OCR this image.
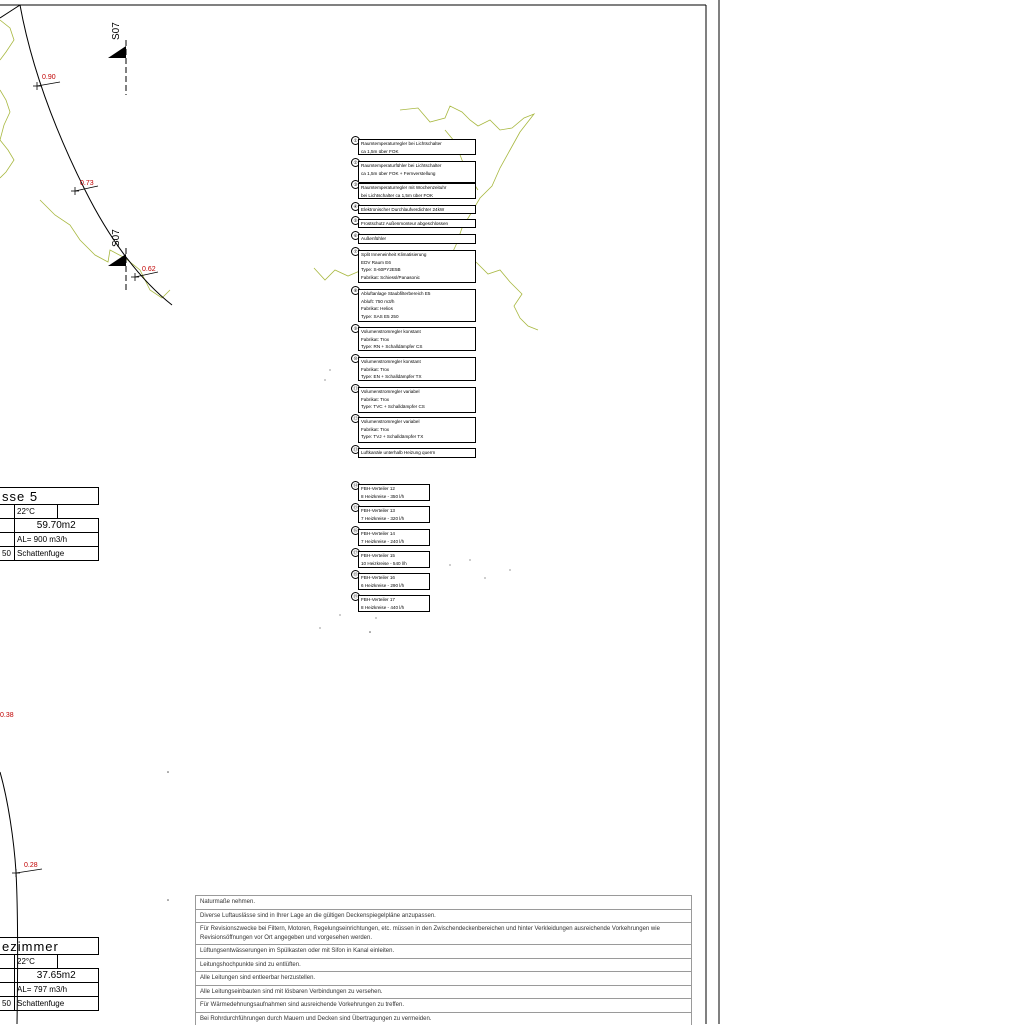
0.90
0.73
0.62
0.38
0.28
S07
S07
①
Raumtemperaturregler bei Lichtschalter
ca 1,5m über FOK
②
Raumtemperaturfühler bei Lichtschalter
ca 1,5m über FOK + Fernverstellung
③
Raumtemperaturregler mit Wochenzeituhr
bei Lichtschalter ca 1,5m über FOK
④
Elektronischer Durchlaufverdichter 24kW
⑤
Frostschutz Außenmonteur abgeschlossen
⑥
Außenfühler
⑦
Split Inneneinheit Klimatisierung
EDV Raum E6
Type: S-60PY2E5B
Fabrikat: Schiessl/Panasonic
⑧
Abluftanlage Staubfilterbereich E5
Abluft: 750 m3/h
Fabrikat: Helios
Type: SAS E5 250
⑨
Volumenstromregler konstant
Fabrikat: Trox
Type: RN + Schalldämpfer CS
⑩
Volumenstromregler konstant
Fabrikat: Trox
Type: EN + Schalldämpfer TX
⑪
Volumenstromregler variabel
Fabrikat: Trox
Type: TVC + Schalldämpfer CS
⑫
Volumenstromregler variabel
Fabrikat: Trox
Type: TVJ + Schalldämpfer TX
⑬
Luftkanäle unterhalb Heizung querrn
⑭
FBH-Verteiler 12
8 Heizkreise - 350 l/h
⑮
FBH-Verteiler 13
7 Heizkreise - 320 l/h
⑯
FBH-Verteiler 14
7 Heizkreise - 240 l/h
⑰
FBH-Verteiler 15
10 Heizkreise - 540 l/h
⑱
FBH-Verteiler 16
6 Heizkreise - 290 l/h
⑲
FBH-Verteiler 17
8 Heizkreise - 440 l/h
sse 5		
	22°C	
	59.70m2	
	AL= 900 m3/h	
50	Schattenfuge	
ezimmer		
	22°C	
	37.65m2	
	AL= 797 m3/h	
50	Schattenfuge	
Naturmaße nehmen.
Diverse Luftauslässe sind in Ihrer Lage an die gültigen Deckenspiegelpläne anzupassen.
Für Revisionszwecke bei Filtern, Motoren, Regelungseinrichtungen, etc. müssen in den Zwischendeckenbereichen und hinter Verkleidungen ausreichende Vorkehrungen wie Revisionsöffnungen vor Ort angegeben und vorgesehen werden.
Lüftungsentwässerungen im Spülkasten oder mit Sifon in Kanal einleiten.
Leitungshochpunkte sind zu entlüften.
Alle Leitungen sind entleerbar herzustellen.
Alle Leitungseinbauten sind mit lösbaren Verbindungen zu versehen.
Für Wärmedehnungsaufnahmen sind ausreichende Vorkehrungen zu treffen.
Bei Rohrdurchführungen durch Mauern und Decken sind Übertragungen zu vermeiden.
